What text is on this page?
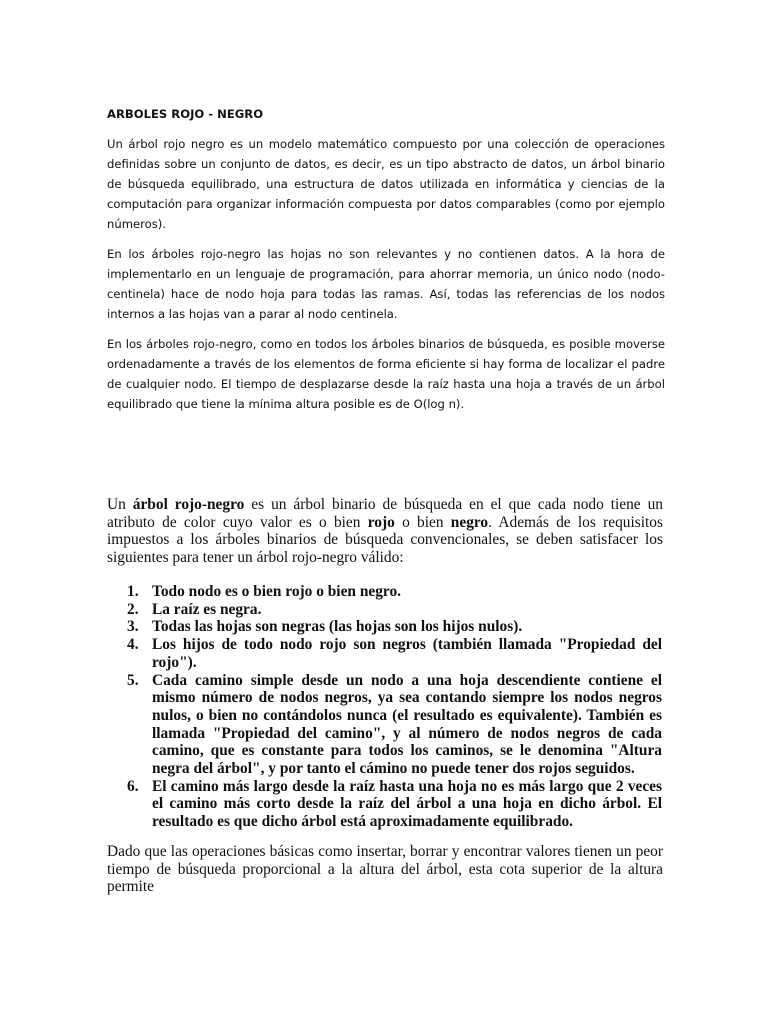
ARBOLES ROJO - NEGRO

Un árbol rojo negro es un modelo matemático compuesto por una colección de operaciones definidas sobre un conjunto de datos, es decir, es un tipo abstracto de datos, un árbol binario de búsqueda equilibrado, una estructura de datos utilizada en informática y ciencias de la computación para organizar información compuesta por datos comparables (como por ejemplo números).

En los árboles rojo-negro las hojas no son relevantes y no contienen datos. A la hora de implementarlo en un lenguaje de programación, para ahorrar memoria, un único nodo (nodo-centinela) hace de nodo hoja para todas las ramas. Así, todas las referencias de los nodos internos a las hojas van a parar al nodo centinela.

En los árboles rojo-negro, como en todos los árboles binarios de búsqueda, es posible moverse ordenadamente a través de los elementos de forma eficiente si hay forma de localizar el padre de cualquier nodo. El tiempo de desplazarse desde la raíz hasta una hoja a través de un árbol equilibrado que tiene la mínima altura posible es de O(log n).

Un árbol rojo-negro es un árbol binario de búsqueda en el que cada nodo tiene un atributo de color cuyo valor es o bien rojo o bien negro. Además de los requisitos impuestos a los árboles binarios de búsqueda convencionales, se deben satisfacer los siguientes para tener un árbol rojo-negro válido:

1. Todo nodo es o bien rojo o bien negro.
2. La raíz es negra.
3. Todas las hojas son negras (las hojas son los hijos nulos).
4. Los hijos de todo nodo rojo son negros (también llamada "Propiedad del rojo").
5. Cada camino simple desde un nodo a una hoja descendiente contiene el mismo número de nodos negros, ya sea contando siempre los nodos negros nulos, o bien no contándolos nunca (el resultado es equivalente). También es llamada "Propiedad del camino", y al número de nodos negros de cada camino, que es constante para todos los caminos, se le denomina "Altura negra del árbol", y por tanto el cámino no puede tener dos rojos seguidos.
6. El camino más largo desde la raíz hasta una hoja no es más largo que 2 veces el camino más corto desde la raíz del árbol a una hoja en dicho árbol. El resultado es que dicho árbol está aproximadamente equilibrado.

Dado que las operaciones básicas como insertar, borrar y encontrar valores tienen un peor tiempo de búsqueda proporcional a la altura del árbol, esta cota superior de la altura permite
